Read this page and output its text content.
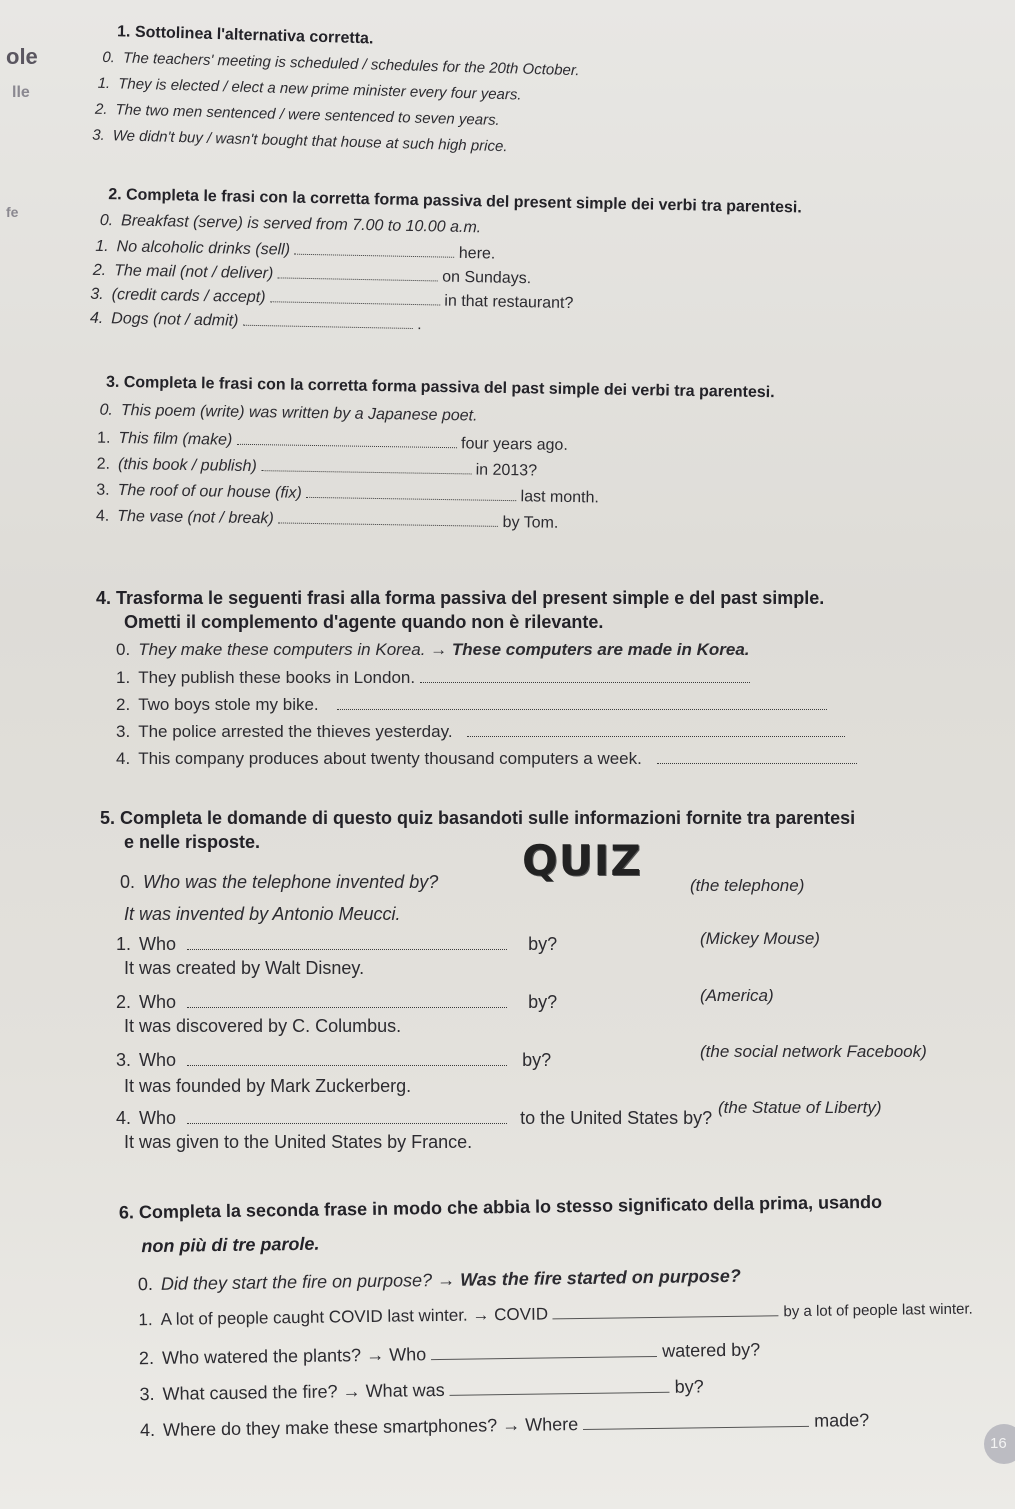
ole
lle
fe
1. Sottolinea l'alternativa corretta.
0. The teachers' meeting is scheduled / schedules for the 20th October.
1. They is elected / elect a new prime minister every four years.
2. The two men sentenced / were sentenced to seven years.
3. We didn't buy / wasn't bought that house at such high price.
2. Completa le frasi con la corretta forma passiva del present simple dei verbi tra parentesi.
0. Breakfast (serve) is served from 7.00 to 10.00 a.m.
1. No alcoholic drinks (sell)	here.
2. The mail (not / deliver)	on Sundays.
3. (credit cards / accept)	in that restaurant?
4. Dogs (not / admit)	.
3. Completa le frasi con la corretta forma passiva del past simple dei verbi tra parentesi.
0. This poem (write) was written by a Japanese poet.
1. This film (make)	four years ago.
2. (this book / publish)	in 2013?
3. The roof of our house (fix)	last month.
4. The vase (not / break)	by Tom.
4. Trasforma le seguenti frasi alla forma passiva del present simple e del past simple.
Ometti il complemento d'agente quando non è rilevante.
0. They make these computers in Korea. → These computers are made in Korea.
1. They publish these books in London.
2. Two boys stole my bike.
3. The police arrested the thieves yesterday.
4. This company produces about twenty thousand computers a week.
5. Completa le domande di questo quiz basandoti sulle informazioni fornite tra parentesi
e nelle risposte.	QUIZ
0. Who was the telephone invented by?	(the telephone)
It was invented by Antonio Meucci.
1. Who	by?	(Mickey Mouse)
It was created by Walt Disney.
2. Who	by?	(America)
It was discovered by C. Columbus.
3. Who	by?	(the social network Facebook)
It was founded by Mark Zuckerberg.
4. Who	to the United States by?
(the Statue of Liberty)
It was given to the United States by France.
6. Completa la seconda frase in modo che abbia lo stesso significato della prima, usando
non più di tre parole.
0. Did they start the fire on purpose? → Was the fire started on purpose?
1. A lot of people caught COVID last winter. → COVID	by a lot of people last winter.
2. Who watered the plants? → Who	watered by?
3. What caused the fire? → What was	by?
4. Where do they make these smartphones? → Where	made?
16
